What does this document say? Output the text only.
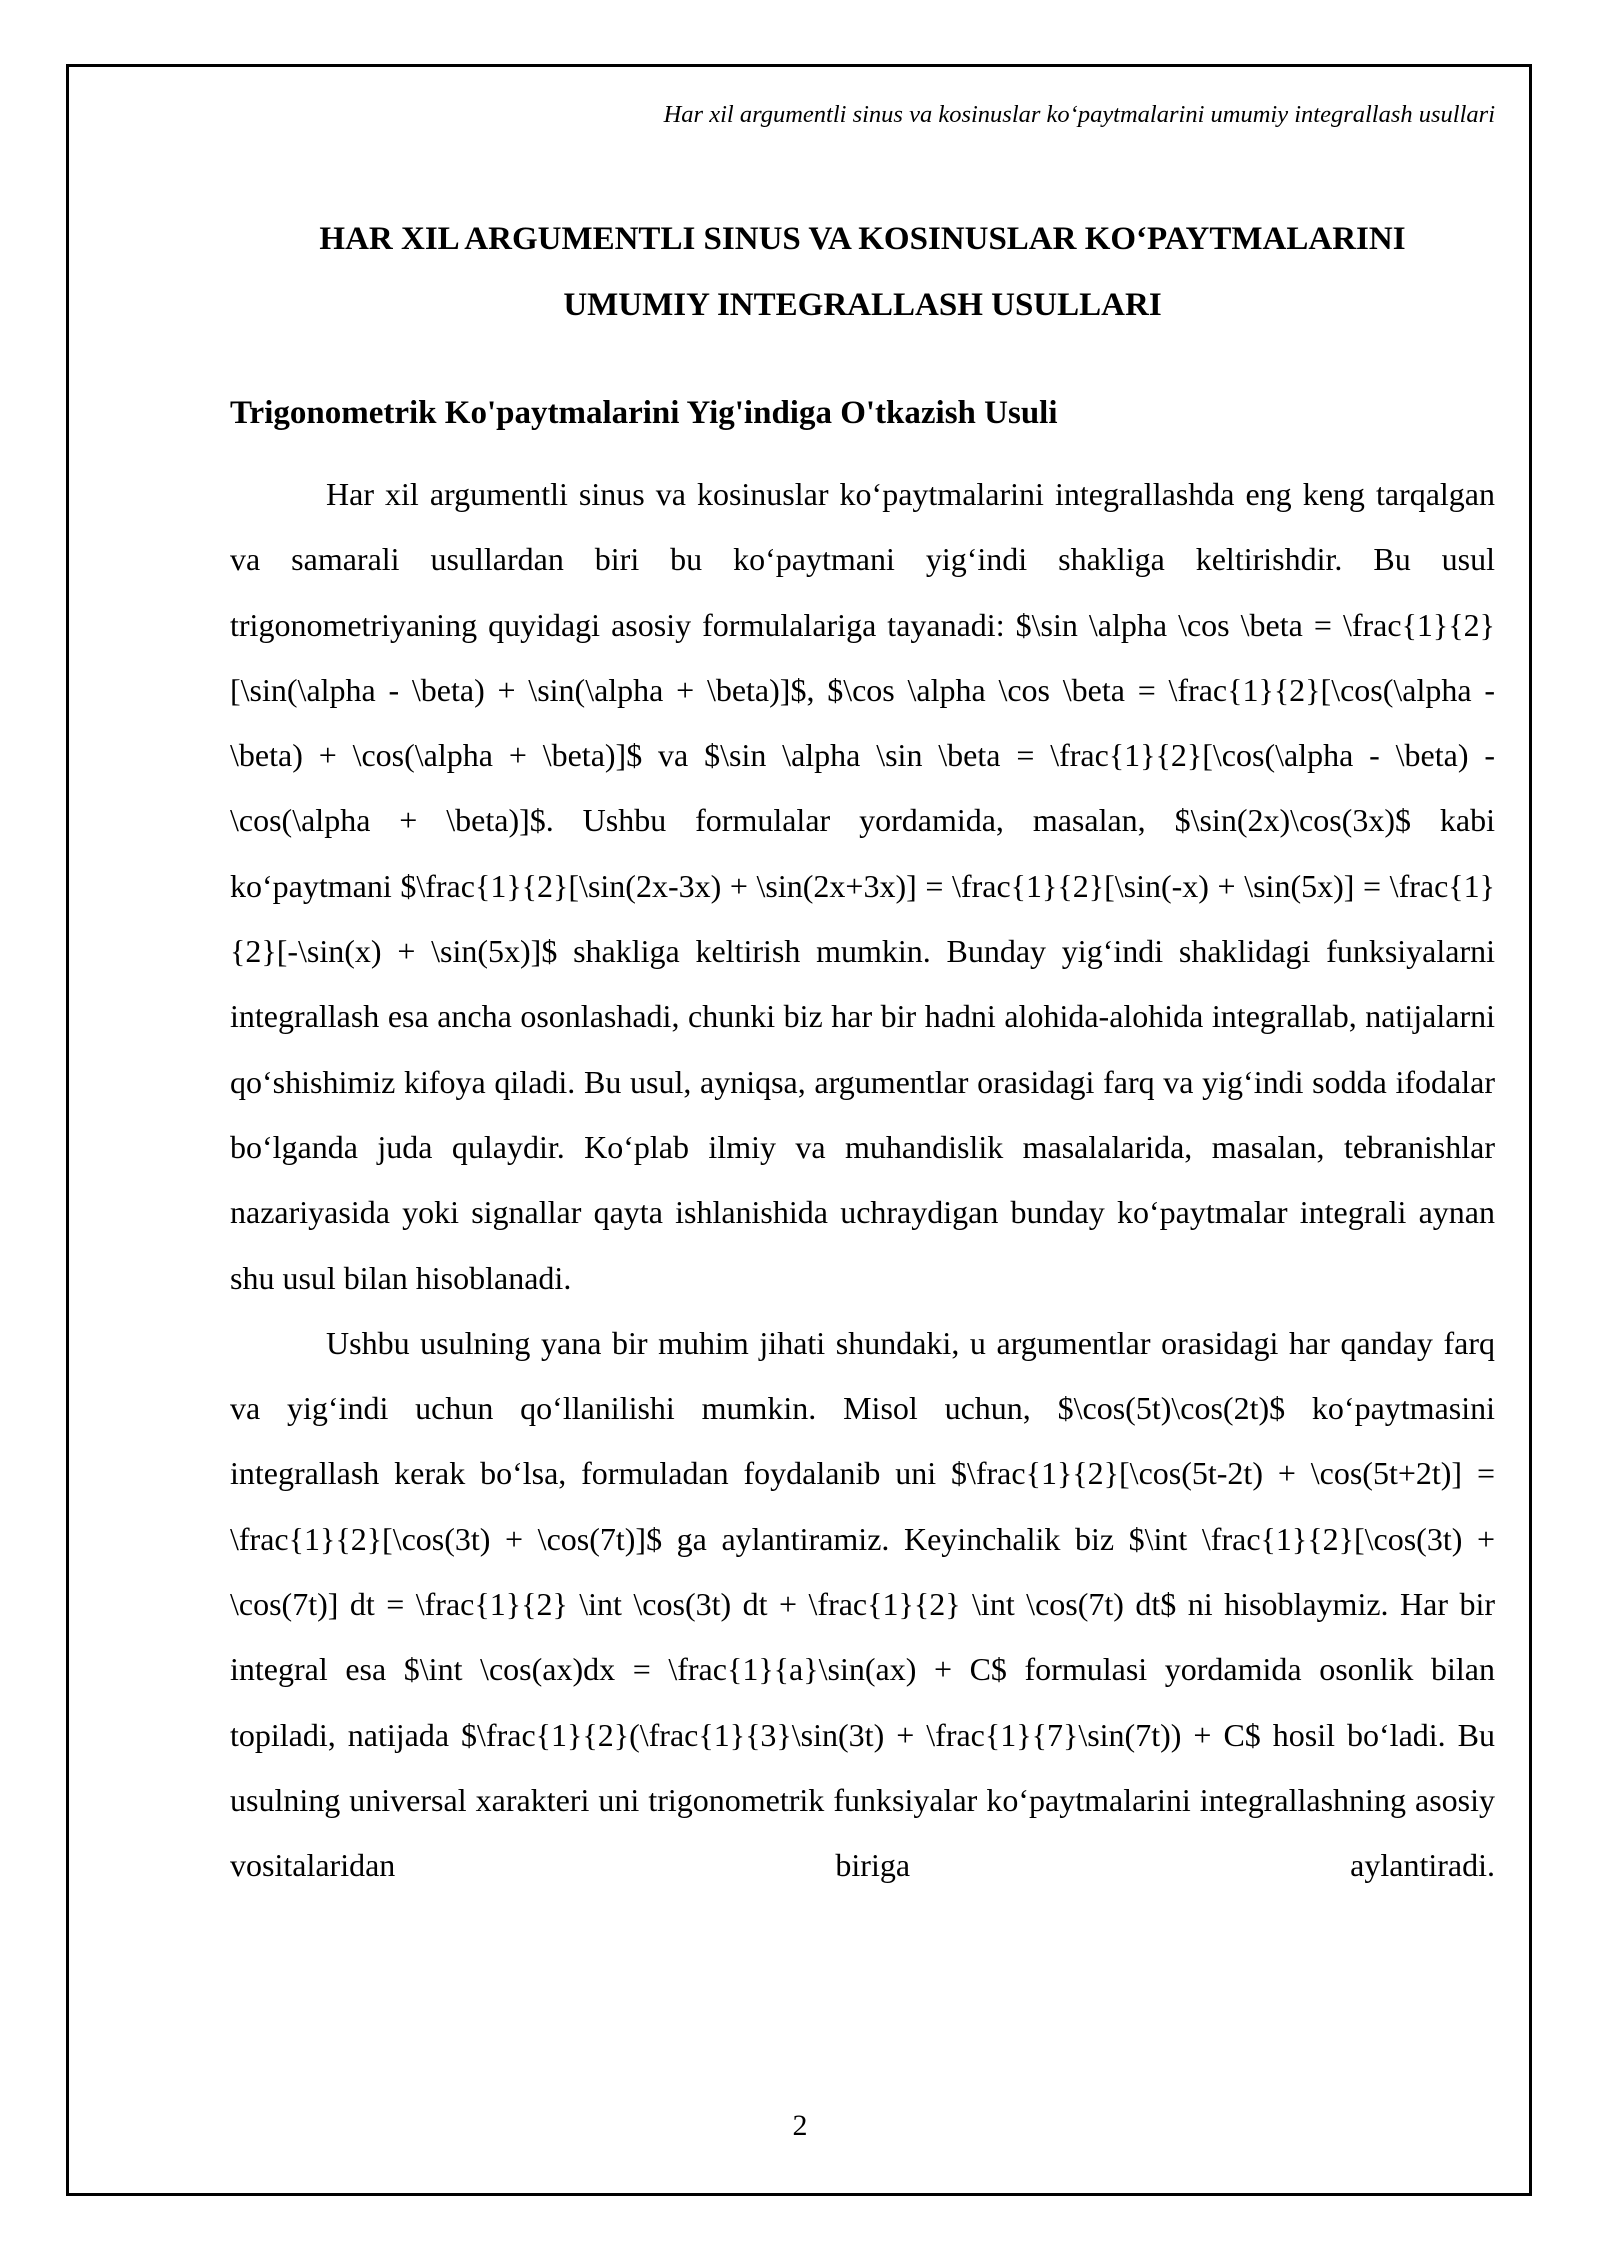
Har xil argumentli sinus va kosinuslar ko‘paytmalarini umumiy integrallash usullari
HAR XIL ARGUMENTLI SINUS VA KOSINUSLAR KO‘PAYTMALARINI
UMUMIY INTEGRALLASH USULLARI
Trigonometrik Ko'paytmalarini Yig'indiga O'tkazish Usuli

Har xil argumentli sinus va kosinuslar ko‘paytmalarini integrallashda eng keng tarqalgan va samarali usullardan biri bu ko‘paytmani yig‘indi shakliga keltirishdir. Bu usul trigonometriyaning quyidagi asosiy formulalariga tayanadi: $\sin \alpha \cos \beta = \frac{1}{2}[\sin(\alpha - \beta) + \sin(\alpha + \beta)]$, $\cos \alpha \cos \beta = \frac{1}{2}[\cos(\alpha - \beta) + \cos(\alpha + \beta)]$ va $\sin \alpha \sin \beta = \frac{1}{2}[\cos(\alpha - \beta) - \cos(\alpha + \beta)]$. Ushbu formulalar yordamida, masalan, $\sin(2x)\cos(3x)$ kabi ko‘paytmani $\frac{1}{2}[\sin(2x-3x) + \sin(2x+3x)] = \frac{1}{2}[\sin(-x) + \sin(5x)] = \frac{1}{2}[-\sin(x) + \sin(5x)]$ shakliga keltirish mumkin. Bunday yig‘indi shaklidagi funksiyalarni integrallash esa ancha osonlashadi, chunki biz har bir hadni alohida-alohida integrallab, natijalarni qo‘shishimiz kifoya qiladi. Bu usul, ayniqsa, argumentlar orasidagi farq va yig‘indi sodda ifodalar bo‘lganda juda qulaydir. Ko‘plab ilmiy va muhandislik masalalarida, masalan, tebranishlar nazariyasida yoki signallar qayta ishlanishida uchraydigan bunday ko‘paytmalar integrali aynan shu usul bilan hisoblanadi.

Ushbu usulning yana bir muhim jihati shundaki, u argumentlar orasidagi har qanday farq va yig‘indi uchun qo‘llanilishi mumkin. Misol uchun, $\cos(5t)\cos(2t)$ ko‘paytmasini integrallash kerak bo‘lsa, formuladan foydalanib uni $\frac{1}{2}[\cos(5t-2t) + \cos(5t+2t)] = \frac{1}{2}[\cos(3t) + \cos(7t)]$ ga aylantiramiz. Keyinchalik biz $\int \frac{1}{2}[\cos(3t) + \cos(7t)] dt = \frac{1}{2} \int \cos(3t) dt + \frac{1}{2} \int \cos(7t) dt$ ni hisoblaymiz. Har bir integral esa $\int \cos(ax)dx = \frac{1}{a}\sin(ax) + C$ formulasi yordamida osonlik bilan topiladi, natijada $\frac{1}{2}(\frac{1}{3}\sin(3t) + \frac{1}{7}\sin(7t)) + C$ hosil bo‘ladi. Bu usulning universal xarakteri uni trigonometrik funksiyalar ko‘paytmalarini integrallashning asosiy vositalaridan biriga aylantiradi.

2
